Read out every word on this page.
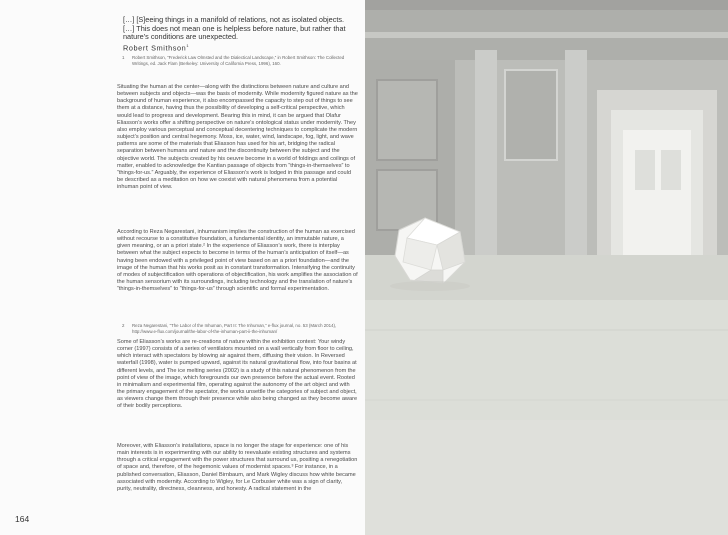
[…] [S]eeing things in a manifold of relations, not as isolated objects. […] This does not mean one is helpless before nature, but rather that nature’s conditions are unexpected.
Robert Smithson$^1$
1 Robert Smithson, “Frederick Law Olmsted and the Dialectical Landscape,” in Robert Smithson: The Collected Writings, ed. Jack Flam (Berkeley: University of California Press, 1996), 160.

Situating the human at the center—along with the distinctions between nature and culture and between subjects and objects—was the basis of modernity. While modernity figured nature as the background of human experience, it also encompassed the capacity to step out of things to see them at a distance, having thus the possibility of developing a self-critical perspective, which would lead to progress and development. Bearing this in mind, it can be argued that Olafur Eliasson’s works offer a shifting perspective on nature’s ontological status under modernity. They also employ various perceptual and conceptual decentering techniques to complicate the modern subject’s position and central hegemony. Moss, ice, water, wind, landscape, fog, light, and wave patterns are some of the materials that Eliasson has used for his art, bridging the radical separation between humans and nature and the discontinuity between the subject and the objective world. The subjects created by his oeuvre become in a world of foldings and coilings of matter, enabled to acknowledge the Kantian passage of objects from “things-in-themselves” to “things-for-us.” Arguably, the experience of Eliasson’s work is lodged in this passage and could be described as a meditation on how we coexist with natural phenomena from a potential inhuman point of view.

According to Reza Negarestani, inhumanism implies the construction of the human as exercised without recourse to a constitutive foundation, a fundamental identity, an immutable nature, a given meaning, or an a priori state.² In the experience of Eliasson’s work, there is interplay between what the subject expects to become in terms of the human’s anticipation of itself—as having been endowed with a privileged point of view based on an a priori foundation—and the image of the human that his works posit as in constant transformation. Intensifying the continuity of modes of subjectification with operations of objectification, his work amplifies the association of the human sensorium with its surroundings, including technology and the translation of nature’s “things-in-themselves” to “things-for-us” through scientific and formal experimentation.

2 Reza Negarestani, “The Labor of the Inhuman, Part II: The Inhuman,” e-flux journal, no. 53 (March 2014), http://www.e-flux.com/journal/the-labor-of-the-inhuman-part-ii-the-inhuman/

Some of Eliasson’s works are re-creations of nature within the exhibition context: Your windy corner (1997) consists of a series of ventilators mounted on a wall vertically from floor to ceiling, which interact with spectators by blowing air against them, diffusing their vision. In Reversed waterfall (1998), water is pumped upward, against its natural gravitational flow, into four basins at different levels, and The ice melting series (2002) is a study of this natural phenomenon from the point of view of the image, which foregrounds our own presence before the actual event. Rooted in minimalism and experimental film, operating against the autonomy of the art object and with the primary engagement of the spectator, the works unsettle the categories of subject and object, as viewers change them through their presence while also being changed as they become aware of their bodily perceptions.

Moreover, with Eliasson’s installations, space is no longer the stage for experience: one of his main interests is in experimenting with our ability to reevaluate existing structures and systems through a critical engagement with the power structures that surround us, positing a renegotiation of space and, therefore, of the hegemonic values of modernist spaces.³ For instance, in a published conversation, Eliasson, Daniel Birnbaum, and Mark Wigley discuss how white became associated with modernity. According to Wigley, for Le Corbusier white was a sign of clarity, purity, neutrality, directness, cleanness, and honesty. A radical statement in the

164
